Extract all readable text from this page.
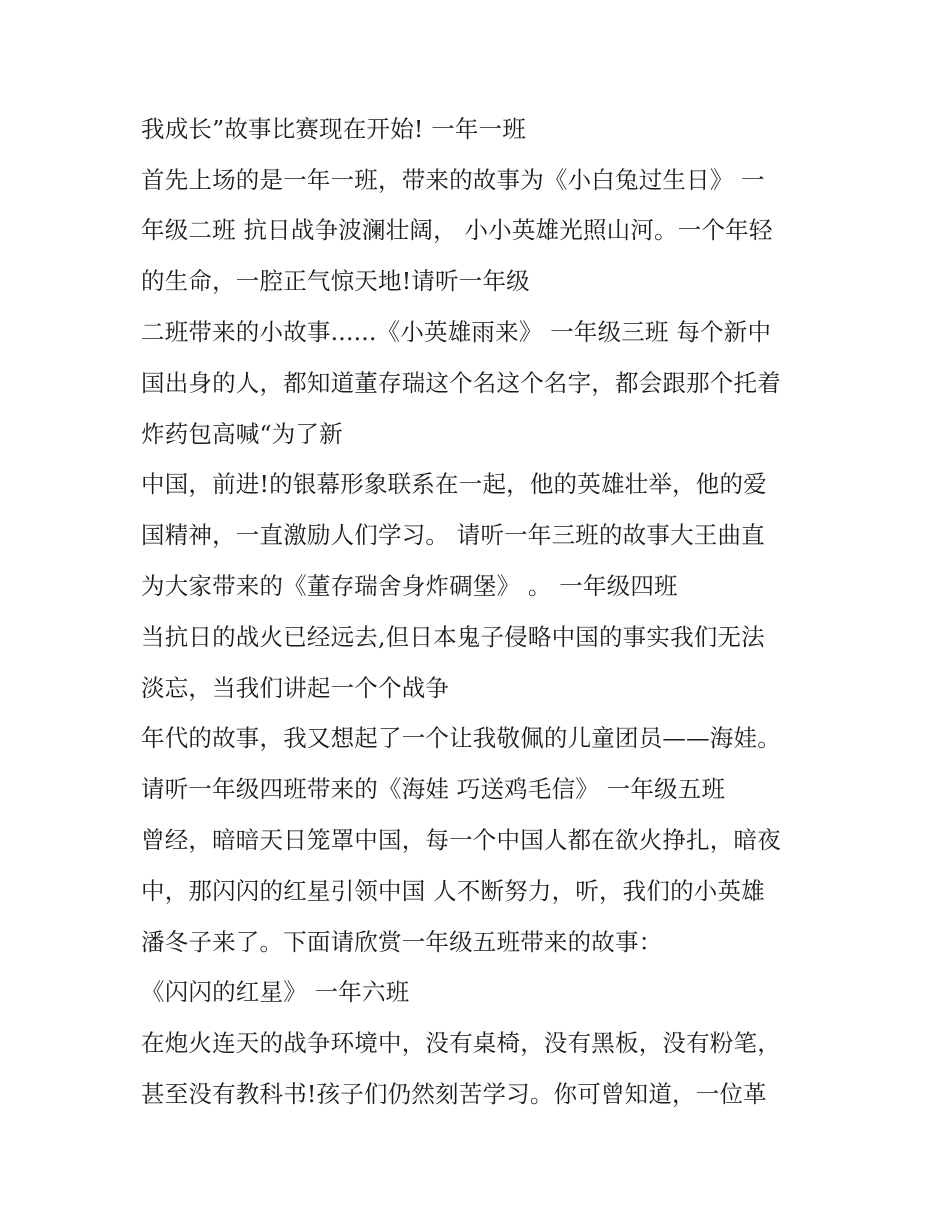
我成长”故事比赛现在开始! 一年一班
首先上场的是一年一班，带来的故事为《小白兔过生日》 一
年级二班 抗日战争波澜壮阔， 小小英雄光照山河。一个年轻
的生命，一腔正气惊天地!请听一年级
二班带来的小故事......《小英雄雨来》 一年级三班 每个新中
国出身的人，都知道董存瑞这个名这个名字，都会跟那个托着
炸药包高喊“为了新
中国，前进!的银幕形象联系在一起，他的英雄壮举，他的爱
国精神，一直激励人们学习。 请听一年三班的故事大王曲直
为大家带来的《董存瑞舍身炸碉堡》 。 一年级四班
当抗日的战火已经远去,但日本鬼子侵略中国的事实我们无法
淡忘，当我们讲起一个个战争
年代的故事，我又想起了一个让我敬佩的儿童团员——海娃。
请听一年级四班带来的《海娃 巧送鸡毛信》 一年级五班
曾经，暗暗天日笼罩中国，每一个中国人都在欲火挣扎，暗夜
中，那闪闪的红星引领中国 人不断努力，听，我们的小英雄
潘冬子来了。下面请欣赏一年级五班带来的故事：
《闪闪的红星》 一年六班
在炮火连天的战争环境中，没有桌椅，没有黑板，没有粉笔，
甚至没有教科书!孩子们仍然刻苦学习。你可曾知道，一位革
